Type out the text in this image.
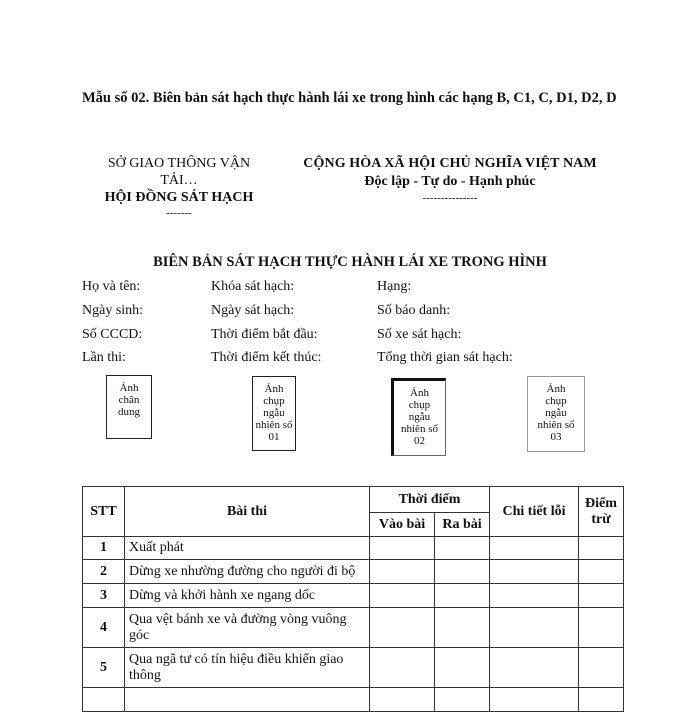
Mẫu số 02. Biên bản sát hạch thực hành lái xe trong hình các hạng B, C1, C, D1, D2, D
SỞ GIAO THÔNG VẬN TẢI…
HỘI ĐỒNG SÁT HẠCH
-------
CỘNG HÒA XÃ HỘI CHỦ NGHĨA VIỆT NAM
Độc lập - Tự do - Hạnh phúc
---------------
BIÊN BẢN SÁT HẠCH THỰC HÀNH LÁI XE TRONG HÌNH
Họ và tên:	Khóa sát hạch:	Hạng:
Ngày sinh:	Ngày sát hạch:	Số báo danh:
Số CCCD:	Thời điểm bắt đầu:	Số xe sát hạch:
Lần thi:	Thời điểm kết thúc:	Tổng thời gian sát hạch:
Ảnh
chân
dung
Ảnh
chụp
ngẫu
nhiên số
01
Ảnh
chụp
ngẫu
nhiên số
02
Ảnh
chụp
ngẫu
nhiên số
03
STT	Bài thi	Thời điểm		Chi tiết lỗi	Điểm trừ
		Vào bài	Ra bài		
1	Xuất phát				
2	Dừng xe nhường đường cho người đi bộ				
3	Dừng và khởi hành xe ngang dốc				
4	Qua vệt bánh xe và đường vòng vuông góc				
5	Qua ngã tư có tín hiệu điều khiển giao thông				
